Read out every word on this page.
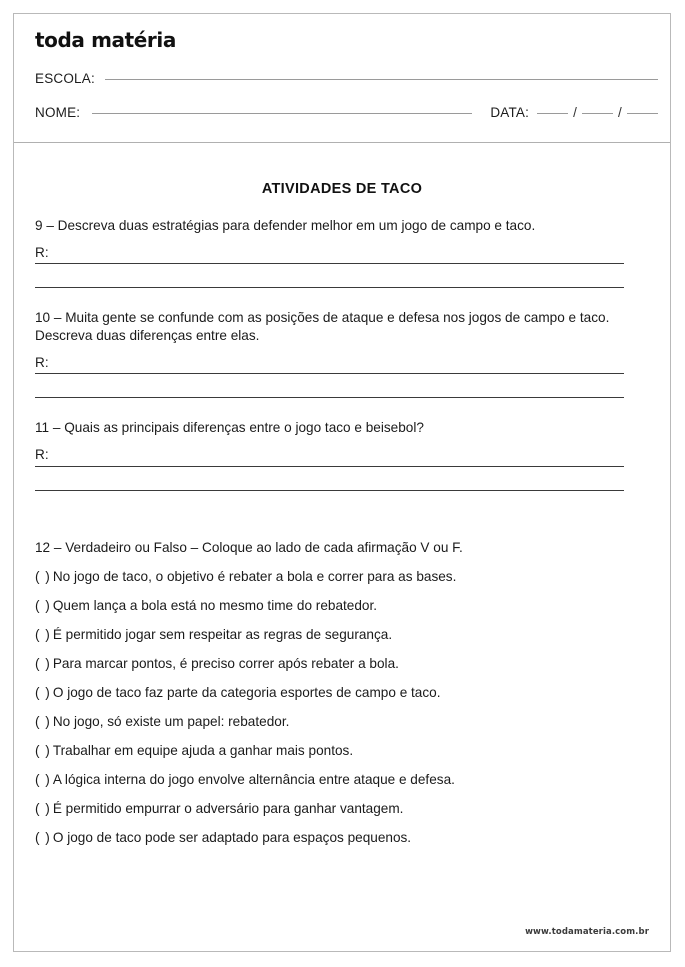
toda matéria
ESCOLA:
NOME:	DATA:	/	/
ATIVIDADES DE TACO
9 – Descreva duas estratégias para defender melhor em um jogo de campo e taco.
R:
10 – Muita gente se confunde com as posições de ataque e defesa nos jogos de campo e taco. Descreva duas diferenças entre elas.
R:
11 – Quais as principais diferenças entre o jogo taco e beisebol?
R:
12 – Verdadeiro ou Falso – Coloque ao lado de cada afirmação V ou F.
( ) No jogo de taco, o objetivo é rebater a bola e correr para as bases.
( ) Quem lança a bola está no mesmo time do rebatedor.
( ) É permitido jogar sem respeitar as regras de segurança.
( ) Para marcar pontos, é preciso correr após rebater a bola.
( ) O jogo de taco faz parte da categoria esportes de campo e taco.
( ) No jogo, só existe um papel: rebatedor.
( ) Trabalhar em equipe ajuda a ganhar mais pontos.
( ) A lógica interna do jogo envolve alternância entre ataque e defesa.
( ) É permitido empurrar o adversário para ganhar vantagem.
( ) O jogo de taco pode ser adaptado para espaços pequenos.
www.todamateria.com.br
